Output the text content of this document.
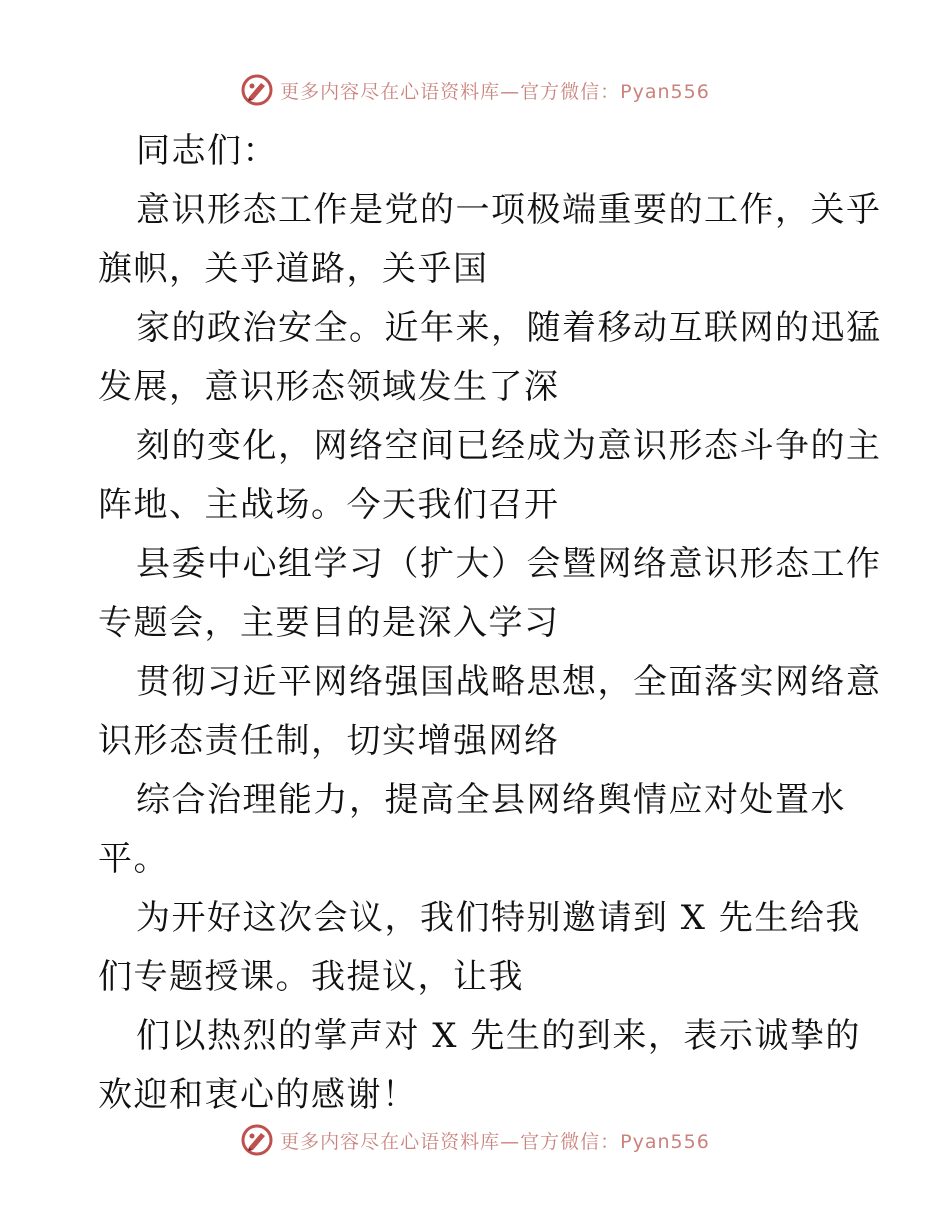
更多内容尽在心语资料库—官方微信：Pyan556

同志们：
意识形态工作是党的一项极端重要的工作，关乎
旗帜，关乎道路，关乎国
家的政治安全。近年来，随着移动互联网的迅猛
发展，意识形态领域发生了深
刻的变化，网络空间已经成为意识形态斗争的主
阵地、主战场。今天我们召开
县委中心组学习（扩大）会暨网络意识形态工作
专题会，主要目的是深入学习
贯彻习近平网络强国战略思想，全面落实网络意
识形态责任制，切实增强网络
综合治理能力，提高全县网络舆情应对处置水
平。
为开好这次会议，我们特别邀请到 X 先生给我
们专题授课。我提议，让我
们以热烈的掌声对 X 先生的到来，表示诚挚的
欢迎和衷心的感谢！

更多内容尽在心语资料库—官方微信：Pyan556
